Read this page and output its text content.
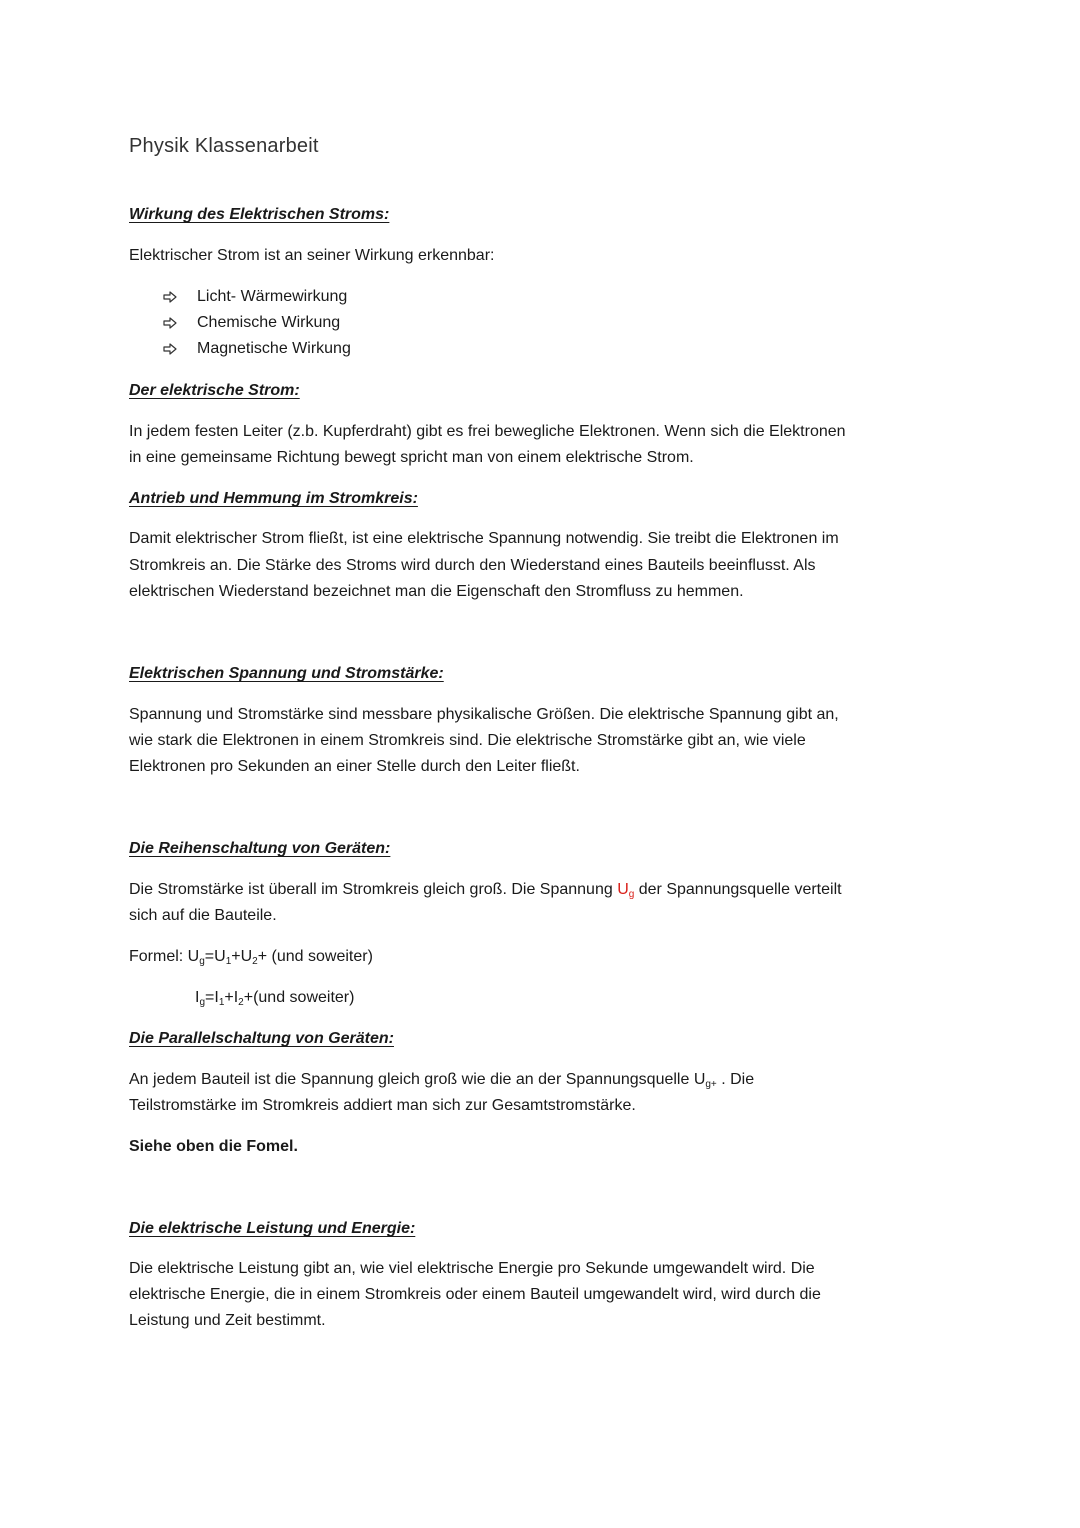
Physik Klassenarbeit
Wirkung des Elektrischen Stroms:
Elektrischer Strom ist an seiner Wirkung erkennbar:
Licht- Wärmewirkung
Chemische Wirkung
Magnetische Wirkung
Der elektrische Strom:
In jedem festen Leiter (z.b. Kupferdraht) gibt es frei bewegliche Elektronen. Wenn sich die Elektronen
in eine gemeinsame Richtung bewegt spricht man von einem elektrische Strom.
Antrieb und Hemmung im Stromkreis:
Damit elektrischer Strom fließt, ist eine elektrische Spannung notwendig. Sie treibt die Elektronen im
Stromkreis an. Die Stärke des Stroms wird durch den Wiederstand eines Bauteils beeinflusst. Als
elektrischen Wiederstand bezeichnet man die Eigenschaft den Stromfluss zu hemmen.
Elektrischen Spannung und Stromstärke:
Spannung und Stromstärke sind messbare physikalische Größen. Die elektrische Spannung gibt an,
wie stark die Elektronen in einem Stromkreis sind. Die elektrische Stromstärke gibt an, wie viele
Elektronen pro Sekunden an einer Stelle durch den Leiter fließt.
Die Reihenschaltung von Geräten:
Die Stromstärke ist überall im Stromkreis gleich groß. Die Spannung $U_g$ der Spannungsquelle verteilt
sich auf die Bauteile.
Formel: $U_g=U_1+U_2+ (und$ soweiter)
$I_g=I_1+I_2+(und$ soweiter)
Die Parallelschaltung von Geräten:
An jedem Bauteil ist die Spannung gleich groß wie die an der Spannungsquelle $U_{g+}$ . Die
Teilstromstärke im Stromkreis addiert man sich zur Gesamtstromstärke.
Siehe oben die Fomel.
Die elektrische Leistung und Energie:
Die elektrische Leistung gibt an, wie viel elektrische Energie pro Sekunde umgewandelt wird. Die
elektrische Energie, die in einem Stromkreis oder einem Bauteil umgewandelt wird, wird durch die
Leistung und Zeit bestimmt.
